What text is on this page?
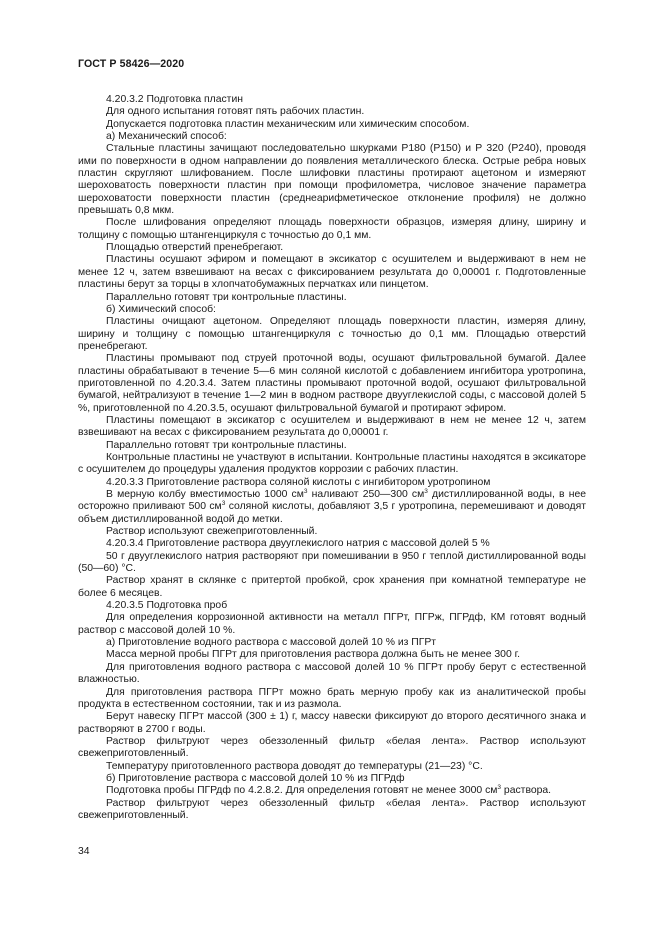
ГОСТ Р 58426—2020

4.20.3.2 Подготовка пластин

Для одного испытания готовят пять рабочих пластин.

Допускается подготовка пластин механическим или химическим способом.

а) Механический способ:

Стальные пластины зачищают последовательно шкурками Р180 (Р150) и Р 320 (Р240), проводя ими по поверхности в одном направлении до появления металлического блеска. Острые ребра новых пластин скругляют шлифованием. После шлифовки пластины протирают ацетоном и измеряют шероховатость поверхности пластин при помощи профилометра, числовое значение параметра шероховатости поверхности пластин (среднеарифметическое отклонение профиля) не должно превышать 0,8 мкм.

После шлифования определяют площадь поверхности образцов, измеряя длину, ширину и толщину с помощью штангенциркуля с точностью до 0,1 мм.

Площадью отверстий пренебрегают.

Пластины осушают эфиром и помещают в эксикатор с осушителем и выдерживают в нем не менее 12 ч, затем взвешивают на весах с фиксированием результата до 0,00001 г. Подготовленные пластины берут за торцы в хлопчатобумажных перчатках или пинцетом.

Параллельно готовят три контрольные пластины.

б) Химический способ:

Пластины очищают ацетоном. Определяют площадь поверхности пластин, измеряя длину, ширину и толщину с помощью штангенциркуля с точностью до 0,1 мм. Площадью отверстий пренебрегают.

Пластины промывают под струей проточной воды, осушают фильтровальной бумагой. Далее пластины обрабатывают в течение 5—6 мин соляной кислотой с добавлением ингибитора уротропина, приготовленной по 4.20.3.4. Затем пластины промывают проточной водой, осушают фильтровальной бумагой, нейтрализуют в течение 1—2 мин в водном растворе двууглекислой соды, с массовой долей 5 %, приготовленной по 4.20.3.5, осушают фильтровальной бумагой и протирают эфиром.

Пластины помещают в эксикатор с осушителем и выдерживают в нем не менее 12 ч, затем взвешивают на весах с фиксированием результата до 0,00001 г.

Параллельно готовят три контрольные пластины.

Контрольные пластины не участвуют в испытании. Контрольные пластины находятся в эксикаторе с осушителем до процедуры удаления продуктов коррозии с рабочих пластин.

4.20.3.3 Приготовление раствора соляной кислоты с ингибитором уротропином

В мерную колбу вместимостью 1000 $см^3$ наливают 250—300 $см^3$ дистиллированной воды, в нее осторожно приливают 500 $см^3$ соляной кислоты, добавляют 3,5 г уротропина, перемешивают и доводят объем дистиллированной водой до метки.

Раствор используют свежеприготовленный.

4.20.3.4 Приготовление раствора двууглекислого натрия с массовой долей 5 %

50 г двууглекислого натрия растворяют при помешивании в 950 г теплой дистиллированной воды (50—60) °С.

Раствор хранят в склянке с притертой пробкой, срок хранения при комнатной температуре не более 6 месяцев.

4.20.3.5 Подготовка проб

Для определения коррозионной активности на металл ПГРт, ПГРж, ПГРдф, КМ готовят водный раствор с массовой долей 10 %.

а) Приготовление водного раствора с массовой долей 10 % из ПГРт

Масса мерной пробы ПГРт для приготовления раствора должна быть не менее 300 г.

Для приготовления водного раствора с массовой долей 10 % ПГРт пробу берут с естественной влажностью.

Для приготовления раствора ПГРт можно брать мерную пробу как из аналитической пробы продукта в естественном состоянии, так и из размола.

Берут навеску ПГРт массой (300 ± 1) г, массу навески фиксируют до второго десятичного знака и растворяют в 2700 г воды.

Раствор фильтруют через обеззоленный фильтр «белая лента». Раствор используют свежеприготовленный.

Температуру приготовленного раствора доводят до температуры (21—23) °С.

б) Приготовление раствора с массовой долей 10 % из ПГРдф

Подготовка пробы ПГРдф по 4.2.8.2. Для определения готовят не менее 3000 $см^3$ раствора.

Раствор фильтруют через обеззоленный фильтр «белая лента». Раствор используют свежеприготовленный.

34
